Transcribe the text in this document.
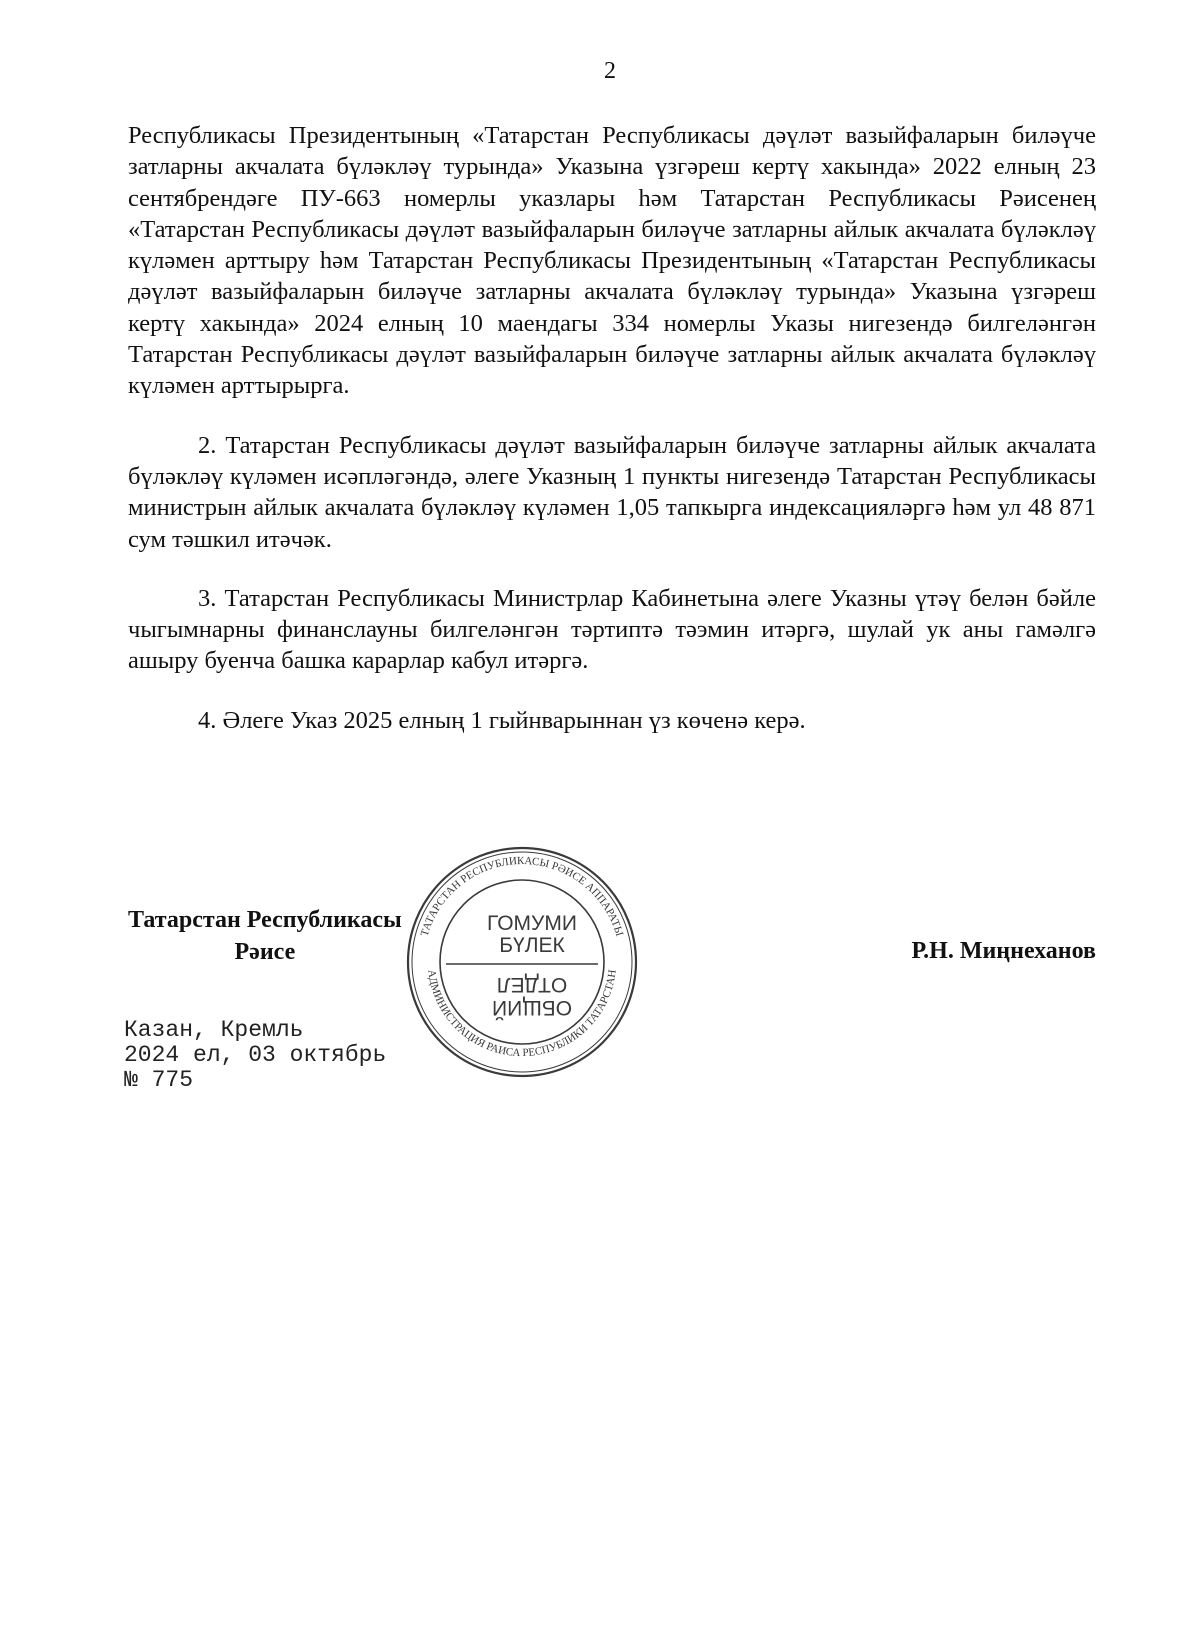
2

Республикасы Президентының «Татарстан Республикасы дәүләт вазыйфаларын биләүче затларны акчалата бүләкләү турында» Указына үзгәреш кертү хакында» 2022 елның 23 сентябрендәге ПУ-663 номерлы указлары һәм Татарстан Республикасы Рәисенең «Татарстан Республикасы дәүләт вазыйфаларын биләүче затларны айлык акчалата бүләкләү күләмен арттыру һәм Татарстан Республикасы Президентының «Татарстан Республикасы дәүләт вазыйфаларын биләүче затларны акчалата бүләкләү турында» Указына үзгәреш кертү хакында» 2024 елның 10 маендагы 334 номерлы Указы нигезендә билгеләнгән Татарстан Республикасы дәүләт вазыйфаларын биләүче затларны айлык акчалата бүләкләү күләмен арттырырга.

2. Татарстан Республикасы дәүләт вазыйфаларын биләүче затларны айлык акчалата бүләкләү күләмен исәпләгәндә, әлеге Указның 1 пункты нигезендә Татарстан Республикасы министрын айлык акчалата бүләкләү күләмен 1,05 тапкырга индексацияләргә һәм ул 48 871 сум тәшкил итәчәк.

3. Татарстан Республикасы Министрлар Кабинетына әлеге Указны үтәү белән бәйле чыгымнарны финанслауны билгеләнгән тәртиптә тәэмин итәргә, шулай ук аны гамәлгә ашыру буенча башка карарлар кабул итәргә.

4. Әлеге Указ 2025 елның 1 гыйнварыннан үз көченә керә.

ТАТАРСТАН РЕСПУБЛИКАСЫ РӘИСЕ АППАРАТЫ
АДМИНИСТРАЦИЯ РАИСА РЕСПУБЛИКИ ТАТАРСТАН
ГОМУМИ
БҮЛЕК
ОТДЕЛ
ОБЩИЙ
Татарстан Республикасы
Рәисе	Р.Н. Миңнеханов
Казан, Кремль
2024 ел, 03 октябрь
№ 775
